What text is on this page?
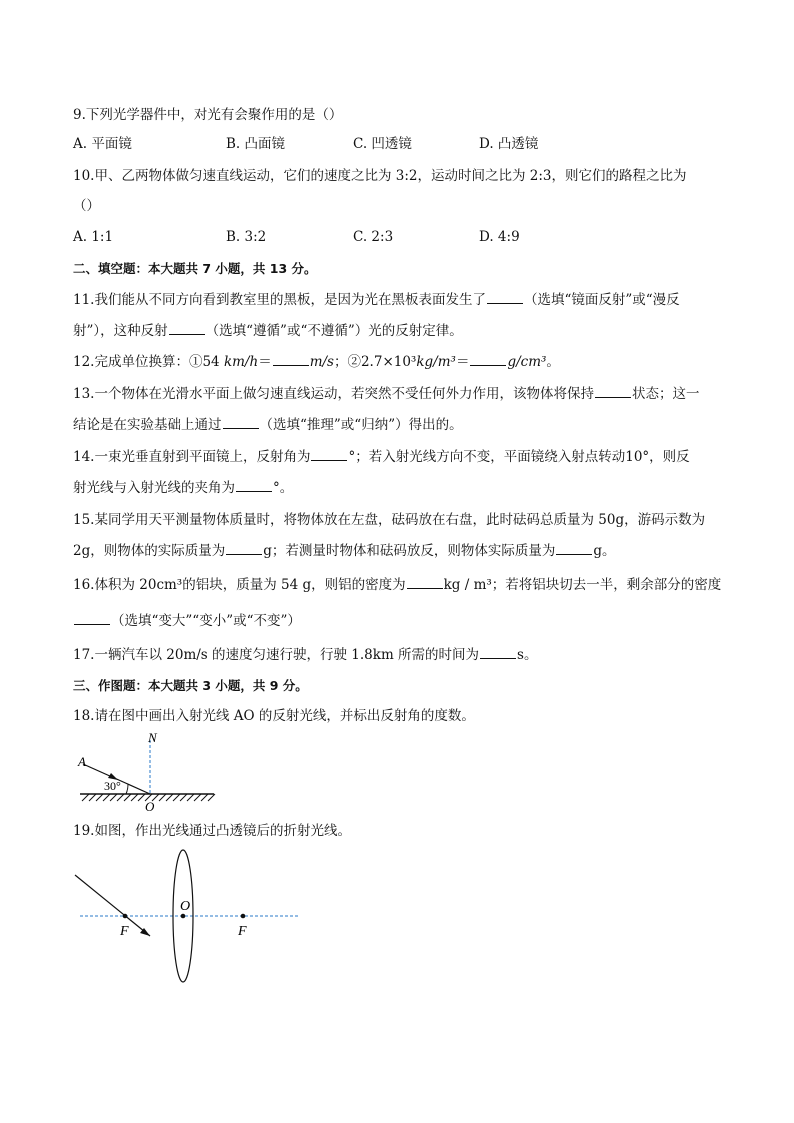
9.下列光学器件中，对光有会聚作用的是（）
A. 平面镜	B. 凸面镜	C. 凹透镜	D. 凸透镜
10.甲、乙两物体做匀速直线运动，它们的速度之比为 3:2，运动时间之比为 2:3，则它们的路程之比为
（）
A. 1:1	B. 3:2	C. 2:3	D. 4:9
二、填空题：本大题共 7 小题，共 13 分。
11.我们能从不同方向看到教室里的黑板，是因为光在黑板表面发生了	（选填“镜面反射”或“漫反
射”），这种反射	（选填“遵循”或“不遵循”）光的反射定律。
12.完成单位换算：①54 km/h＝	m/s；②2.7×10³kg/m³＝	g/cm³。
13.一个物体在光滑水平面上做匀速直线运动，若突然不受任何外力作用，该物体将保持	状态；这一
结论是在实验基础上通过	（选填“推理”或“归纳”）得出的。
14.一束光垂直射到平面镜上，反射角为	°；若入射光线方向不变，平面镜绕入射点转动10°，则反
射光线与入射光线的夹角为	°。
15.某同学用天平测量物体质量时，将物体放在左盘，砝码放在右盘，此时砝码总质量为 50g，游码示数为
2g，则物体的实际质量为	g；若测量时物体和砝码放反，则物体实际质量为	g。
16.体积为 20cm³的铝块，质量为 54 g，则铝的密度为	kg / m³；若将铝块切去一半，剩余部分的密度
（选填“变大”“变小”或“不变”）
17.一辆汽车以 20m/s 的速度匀速行驶，行驶 1.8km 所需的时间为	s。
三、作图题：本大题共 3 小题，共 9 分。
18.请在图中画出入射光线 AO 的反射光线，并标出反射角的度数。
A
N
O
30°
19.如图，作出光线通过凸透镜后的折射光线。
F
O
F
